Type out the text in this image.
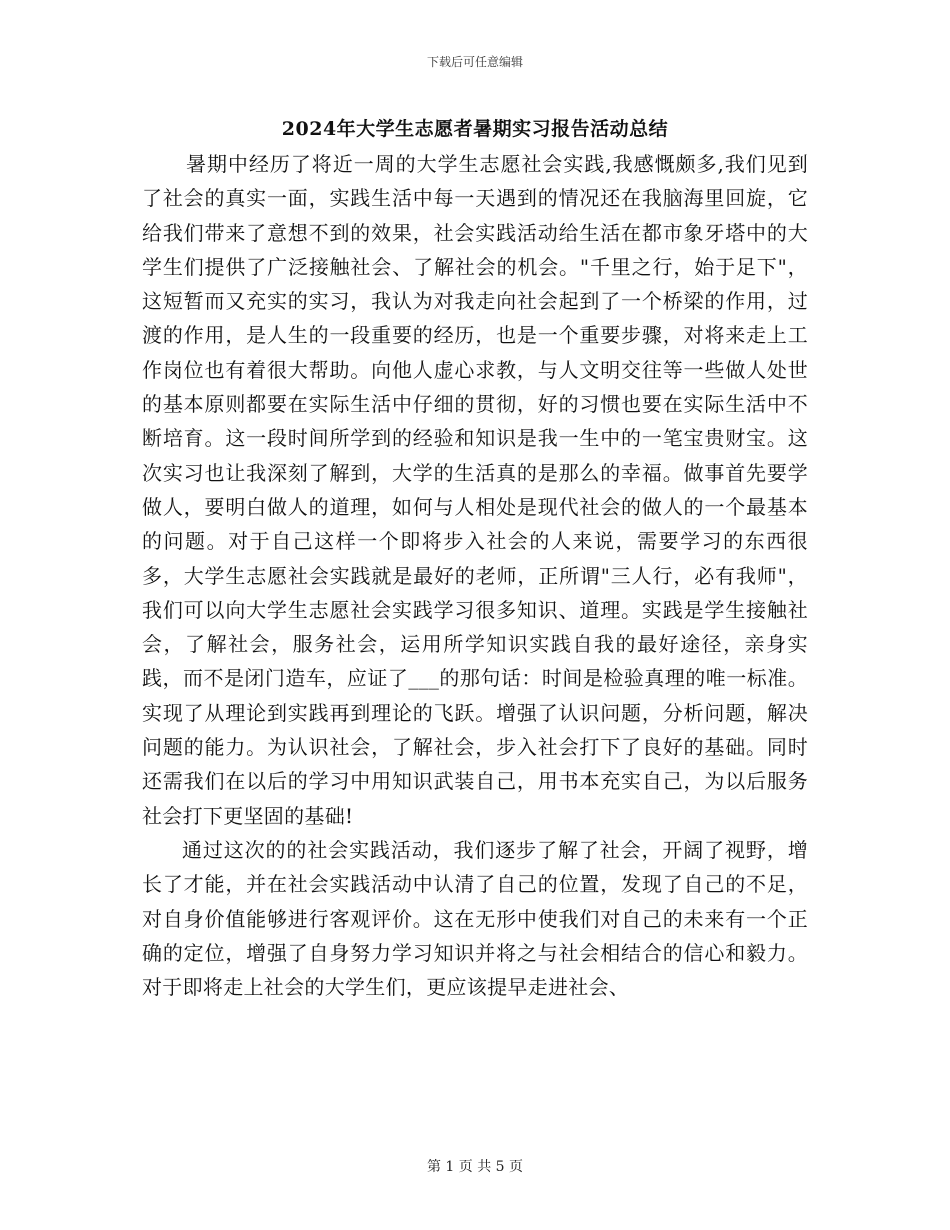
下载后可任意编辑
2024年大学生志愿者暑期实习报告活动总结

暑期中经历了将近一周的大学生志愿社会实践,我感慨颇多,我们见到了社会的真实一面，实践生活中每一天遇到的情况还在我脑海里回旋，它给我们带来了意想不到的效果，社会实践活动给生活在都市象牙塔中的大学生们提供了广泛接触社会、了解社会的机会。"千里之行，始于足下"，这短暂而又充实的实习，我认为对我走向社会起到了一个桥梁的作用，过渡的作用，是人生的一段重要的经历，也是一个重要步骤，对将来走上工作岗位也有着很大帮助。向他人虚心求教，与人文明交往等一些做人处世的基本原则都要在实际生活中仔细的贯彻，好的习惯也要在实际生活中不断培育。这一段时间所学到的经验和知识是我一生中的一笔宝贵财宝。这次实习也让我深刻了解到，大学的生活真的是那么的幸福。做事首先要学做人，要明白做人的道理，如何与人相处是现代社会的做人的一个最基本的问题。对于自己这样一个即将步入社会的人来说，需要学习的东西很多，大学生志愿社会实践就是最好的老师，正所谓"三人行，必有我师"，我们可以向大学生志愿社会实践学习很多知识、道理。实践是学生接触社会，了解社会，服务社会，运用所学知识实践自我的最好途径，亲身实践，而不是闭门造车，应证了___的那句话：时间是检验真理的唯一标准。实现了从理论到实践再到理论的飞跃。增强了认识问题，分析问题，解决问题的能力。为认识社会，了解社会，步入社会打下了良好的基础。同时还需我们在以后的学习中用知识武装自己，用书本充实自己，为以后服务社会打下更坚固的基础!

通过这次的的社会实践活动，我们逐步了解了社会，开阔了视野，增长了才能，并在社会实践活动中认清了自己的位置，发现了自己的不足，对自身价值能够进行客观评价。这在无形中使我们对自己的未来有一个正确的定位，增强了自身努力学习知识并将之与社会相结合的信心和毅力。对于即将走上社会的大学生们，更应该提早走进社会、

第 1 页 共 5 页
